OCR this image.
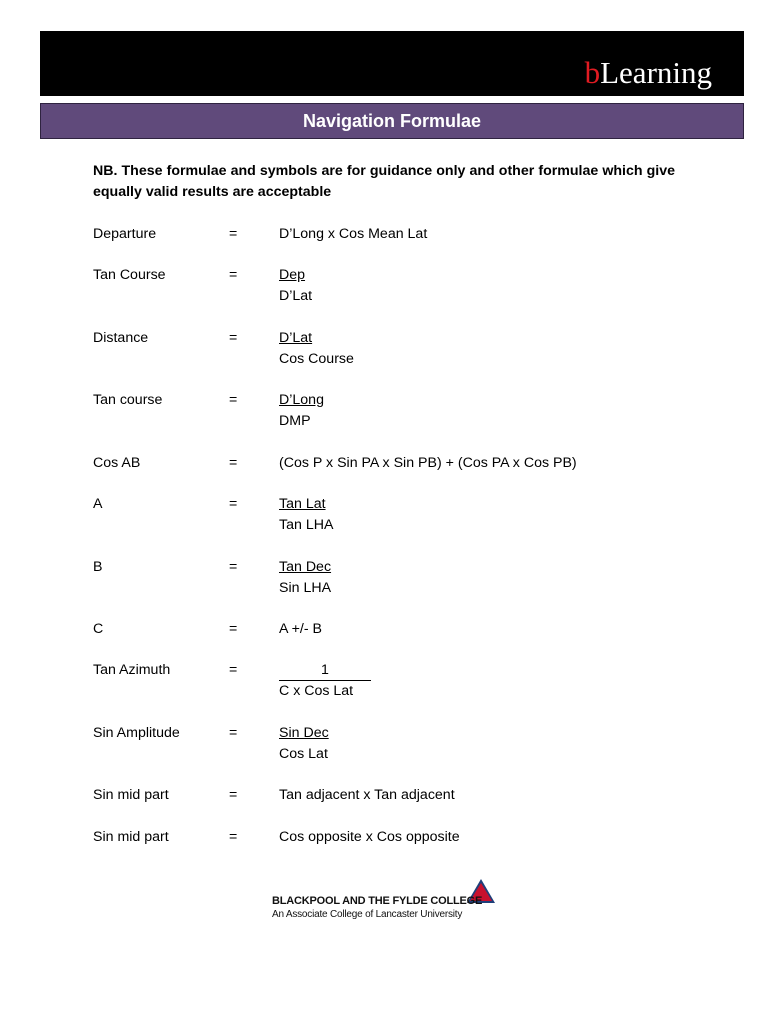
bLearning
Navigation Formulae
NB. These formulae and symbols are for guidance only and other formulae which give equally valid results are acceptable
Departure	=	D’Long x Cos Mean Lat
Tan Course	=	Dep
D’Lat
Distance	=	D’Lat
Cos Course
Tan course	=	D’Long
DMP
Cos AB	=	(Cos P x Sin PA x Sin PB) + (Cos PA x Cos PB)
A	=	Tan Lat
Tan LHA
B	=	Tan Dec
Sin LHA
C	=	A +/- B
Tan Azimuth	=	1
C x Cos Lat
Sin Amplitude	=	Sin Dec
Cos Lat
Sin mid part	=	Tan adjacent x Tan adjacent
Sin mid part	=	Cos opposite x Cos opposite
BLACKPOOL AND THE FYLDE COLLEGE
An Associate College of Lancaster University
